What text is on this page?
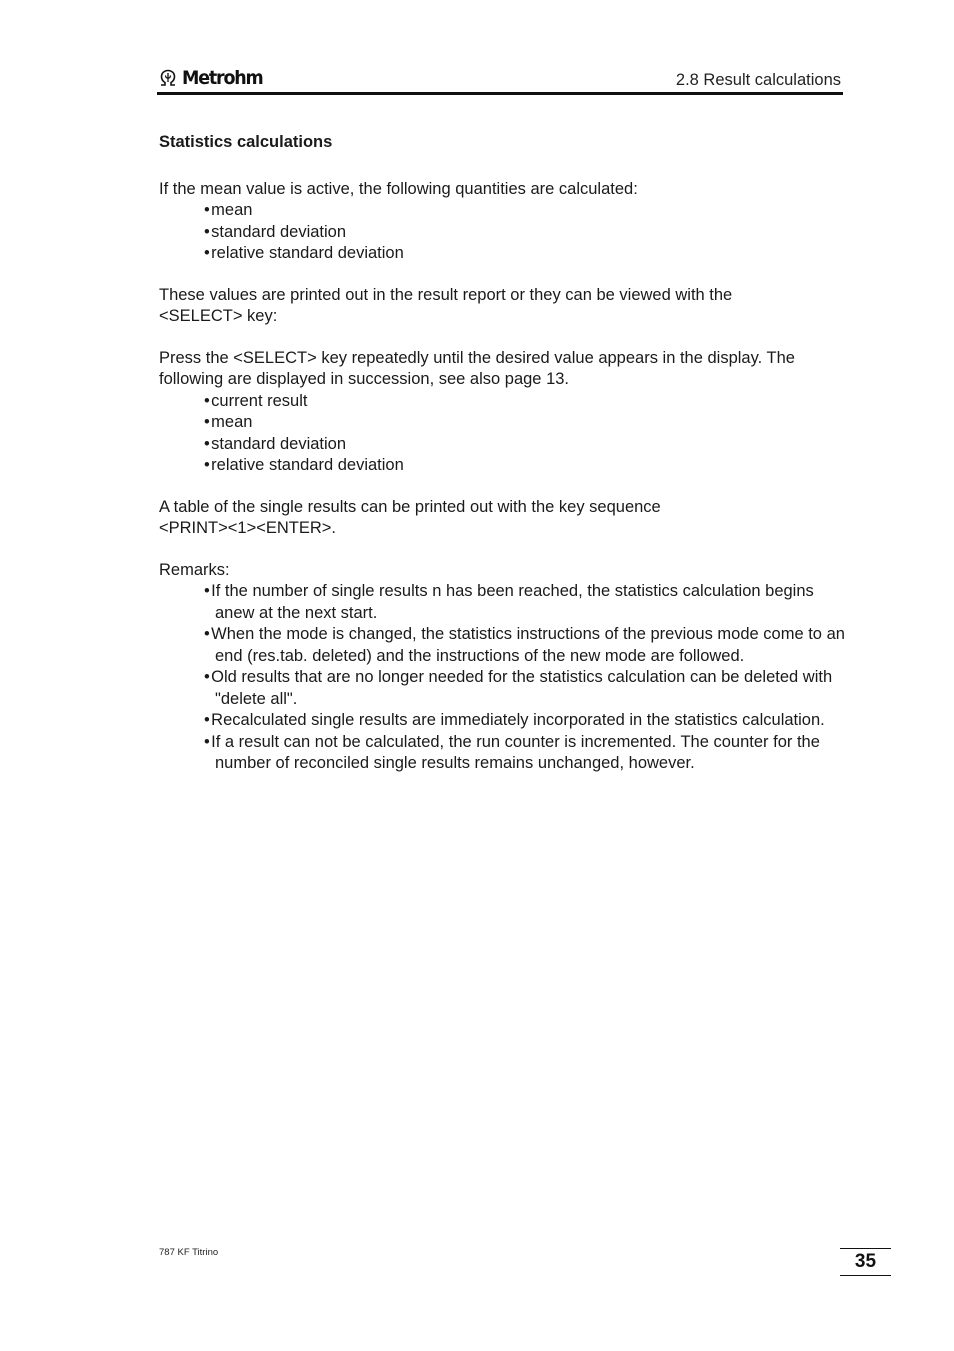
Metrohm	2.8 Result calculations
Statistics calculations

If the mean value is active, the following quantities are calculated:

• mean
• standard deviation
• relative standard deviation

These values are printed out in the result report or they can be viewed with the

<SELECT> key:

Press the <SELECT> key repeatedly until the desired value appears in the display. The

following are displayed in succession, see also page 13.

• current result
• mean
• standard deviation
• relative standard deviation

A table of the single results can be printed out with the key sequence

<PRINT><1><ENTER>.

Remarks:

• If the number of single results n has been reached, the statistics calculation begins anew at the next start.
• When the mode is changed, the statistics instructions of the previous mode come to an end (res.tab. deleted) and the instructions of the new mode are followed.
• Old results that are no longer needed for the statistics calculation can be deleted with "delete all".
• Recalculated single results are immediately incorporated in the statistics calculation.
• If a result can not be calculated, the run counter is incremented. The counter for the number of reconciled single results remains unchanged, however.
787 KF Titrino	35
